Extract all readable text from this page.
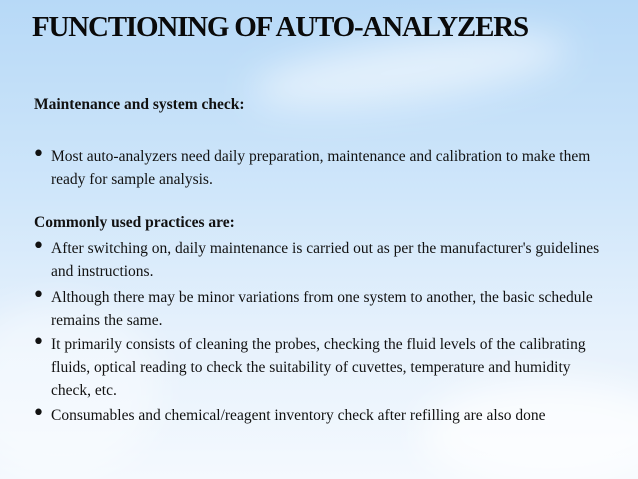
FUNCTIONING OF AUTO-ANALYZERS
Maintenance and system check:
• Most auto-analyzers need daily preparation, maintenance and calibration to make them ready for sample analysis.
Commonly used practices are:
• After switching on, daily maintenance is carried out as per the manufacturer's guidelines and instructions.
• Although there may be minor variations from one system to another, the basic schedule remains the same.
• It primarily consists of cleaning the probes, checking the fluid levels of the calibrating fluids, optical reading to check the suitability of cuvettes, temperature and humidity check, etc.
• Consumables and chemical/reagent inventory check after refilling are also done
